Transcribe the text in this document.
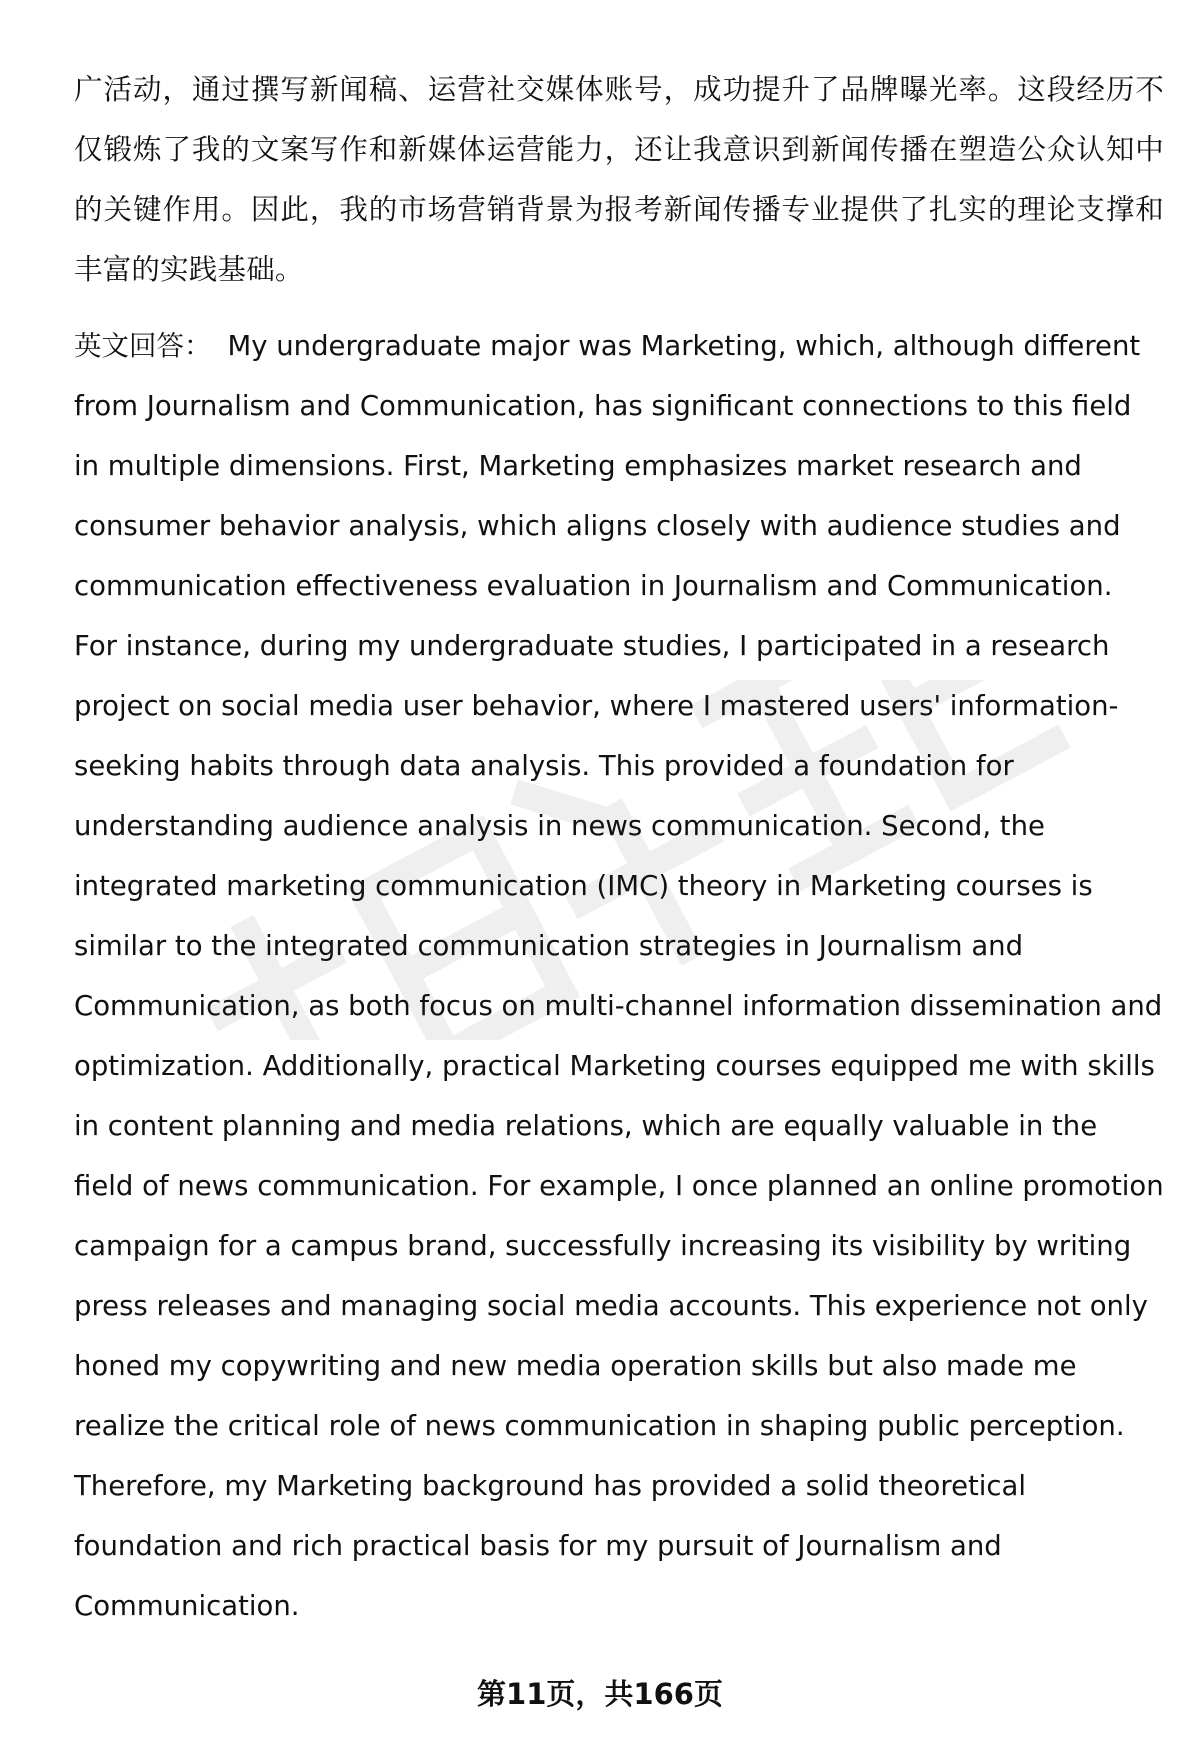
广活动，通过撰写新闻稿、运营社交媒体账号，成功提升了品牌曝光率。这段经历不仅锻炼了我的文案写作和新媒体运营能力，还让我意识到新闻传播在塑造公众认知中的关键作用。因此，我的市场营销背景为报考新闻传播专业提供了扎实的理论支撑和丰富的实践基础。

英文回答： My undergraduate major was Marketing, which, although different from Journalism and Communication, has significant connections to this field in multiple dimensions. First, Marketing emphasizes market research and consumer behavior analysis, which aligns closely with audience studies and communication effectiveness evaluation in Journalism and Communication. For instance, during my undergraduate studies, I participated in a research project on social media user behavior, where I mastered users' information-seeking habits through data analysis. This provided a foundation for understanding audience analysis in news communication. Second, the integrated marketing communication (IMC) theory in Marketing courses is similar to the integrated communication strategies in Journalism and Communication, as both focus on multi-channel information dissemination and optimization. Additionally, practical Marketing courses equipped me with skills in content planning and media relations, which are equally valuable in the field of news communication. For example, I once planned an online promotion campaign for a campus brand, successfully increasing its visibility by writing press releases and managing social media accounts. This experience not only honed my copywriting and new media operation skills but also made me realize the critical role of news communication in shaping public perception. Therefore, my Marketing background has provided a solid theoretical foundation and rich practical basis for my pursuit of Journalism and Communication.

第11页，共166页
